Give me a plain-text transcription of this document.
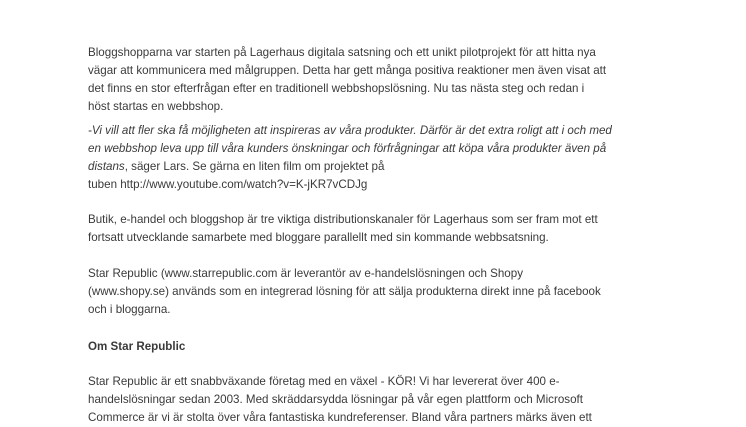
Bloggshopparna var starten på Lagerhaus digitala satsning och ett unikt pilotprojekt för att hitta nya
vägar att kommunicera med målgruppen. Detta har gett många positiva reaktioner men även visat att
det finns en stor efterfrågan efter en traditionell webbshopslösning. Nu tas nästa steg och redan i
höst startas en webbshop.
-Vi vill att fler ska få möjligheten att inspireras av våra produkter. Därför är det extra roligt att i och med
en webbshop leva upp till våra kunders önskningar och förfrågningar att köpa våra produkter även på
distans, säger Lars. Se gärna en liten film om projektet på
tuben http://www.youtube.com/watch?v=K-jKR7vCDJg
Butik, e-handel och bloggshop är tre viktiga distributionskanaler för Lagerhaus som ser fram mot ett
fortsatt utvecklande samarbete med bloggare parallellt med sin kommande webbsatsning.
Star Republic (www.starrepublic.com är leverantör av e-handelslösningen och Shopy
(www.shopy.se) används som en integrerad lösning för att sälja produkterna direkt inne på facebook
och i bloggarna.
Om Star Republic
Star Republic är ett snabbväxande företag med en växel - KÖR! Vi har levererat över 400 e-
handelslösningar sedan 2003. Med skräddarsydda lösningar på vår egen plattform och Microsoft
Commerce är vi är stolta över våra fantastiska kundreferenser. Bland våra partners märks även ett
